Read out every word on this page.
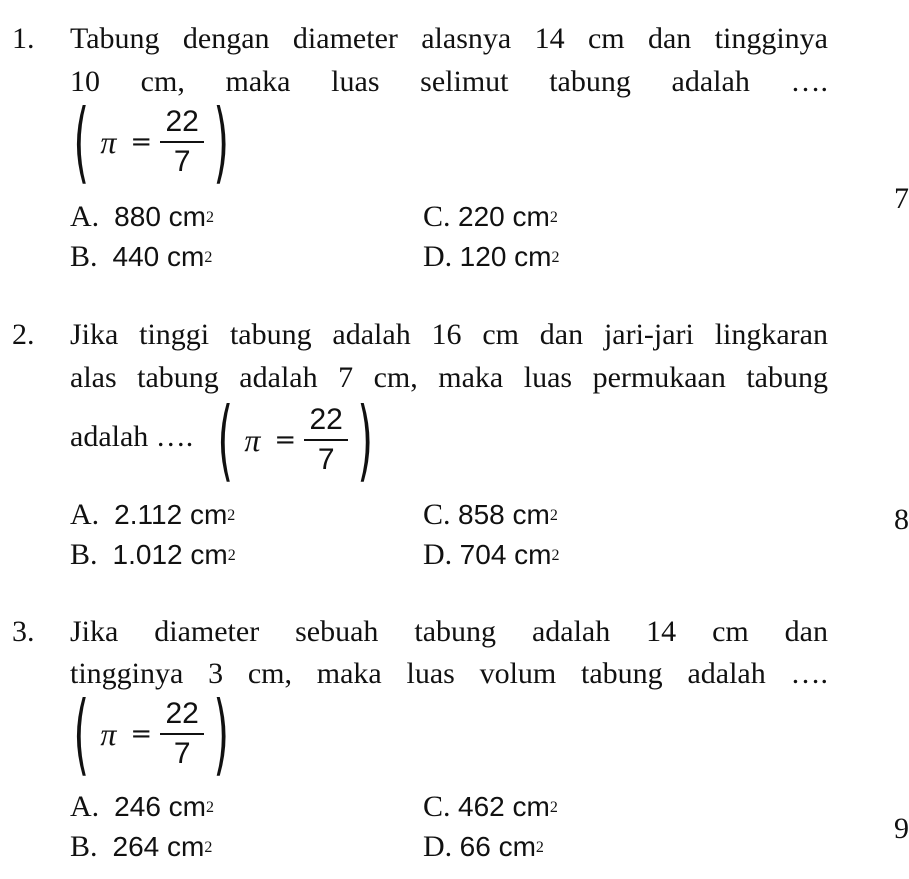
1. Tabung dengan diameter alasnya 14 cm dan tingginya
10 cm, maka luas selimut tabung adalah ….
( $\pi = \frac{22}{7}$ )
A. 880 $cm^2$
B. 440 $cm^2$
C. 220 $cm^2$
D. 120 $cm^2$
2. Jika tinggi tabung adalah 16 cm dan jari-jari lingkaran
alas tabung adalah 7 cm, maka luas permukaan tabung
adalah …. ( $\pi = \frac{22}{7}$ )
A. 2.112 $cm^2$
B. 1.012 $cm^2$
C. 858 $cm^2$
D. 704 $cm^2$
3. Jika diameter sebuah tabung adalah 14 cm dan
tingginya 3 cm, maka luas volum tabung adalah ….
( $\pi = \frac{22}{7}$ )
A. 246 $cm^2$
B. 264 $cm^2$
C. 462 $cm^2$
D. 66 $cm^2$
7
8
9
